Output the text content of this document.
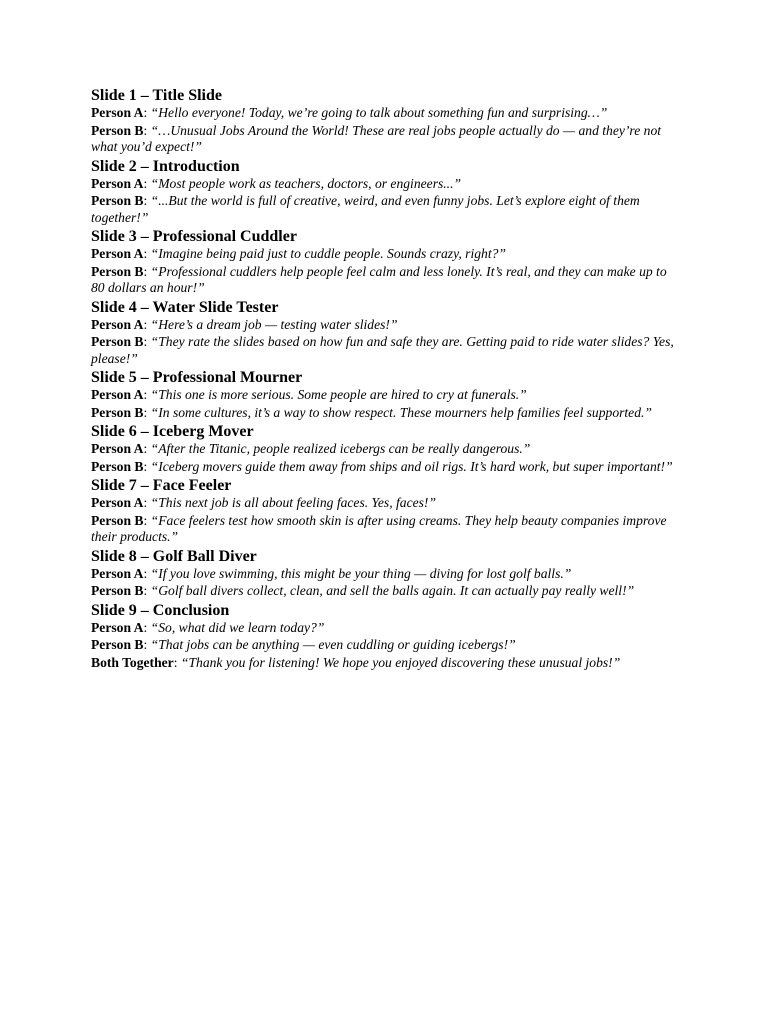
Slide 1 – Title Slide

Person A: “Hello everyone! Today, we’re going to talk about something fun and surprising…”

Person B: “…Unusual Jobs Around the World! These are real jobs people actually do — and they’re not what you’d expect!”

Slide 2 – Introduction

Person A: “Most people work as teachers, doctors, or engineers...”

Person B: “...But the world is full of creative, weird, and even funny jobs. Let’s explore eight of them together!”

Slide 3 – Professional Cuddler

Person A: “Imagine being paid just to cuddle people. Sounds crazy, right?”

Person B: “Professional cuddlers help people feel calm and less lonely. It’s real, and they can make up to 80 dollars an hour!”

Slide 4 – Water Slide Tester

Person A: “Here’s a dream job — testing water slides!”

Person B: “They rate the slides based on how fun and safe they are. Getting paid to ride water slides? Yes, please!”

Slide 5 – Professional Mourner

Person A: “This one is more serious. Some people are hired to cry at funerals.”

Person B: “In some cultures, it’s a way to show respect. These mourners help families feel supported.”

Slide 6 – Iceberg Mover

Person A: “After the Titanic, people realized icebergs can be really dangerous.”

Person B: “Iceberg movers guide them away from ships and oil rigs. It’s hard work, but super important!”

Slide 7 – Face Feeler

Person A: “This next job is all about feeling faces. Yes, faces!”

Person B: “Face feelers test how smooth skin is after using creams. They help beauty companies improve their products.”

Slide 8 – Golf Ball Diver

Person A: “If you love swimming, this might be your thing — diving for lost golf balls.”

Person B: “Golf ball divers collect, clean, and sell the balls again. It can actually pay really well!”

Slide 9 – Conclusion

Person A: “So, what did we learn today?”

Person B: “That jobs can be anything — even cuddling or guiding icebergs!”

Both Together: “Thank you for listening! We hope you enjoyed discovering these unusual jobs!”
